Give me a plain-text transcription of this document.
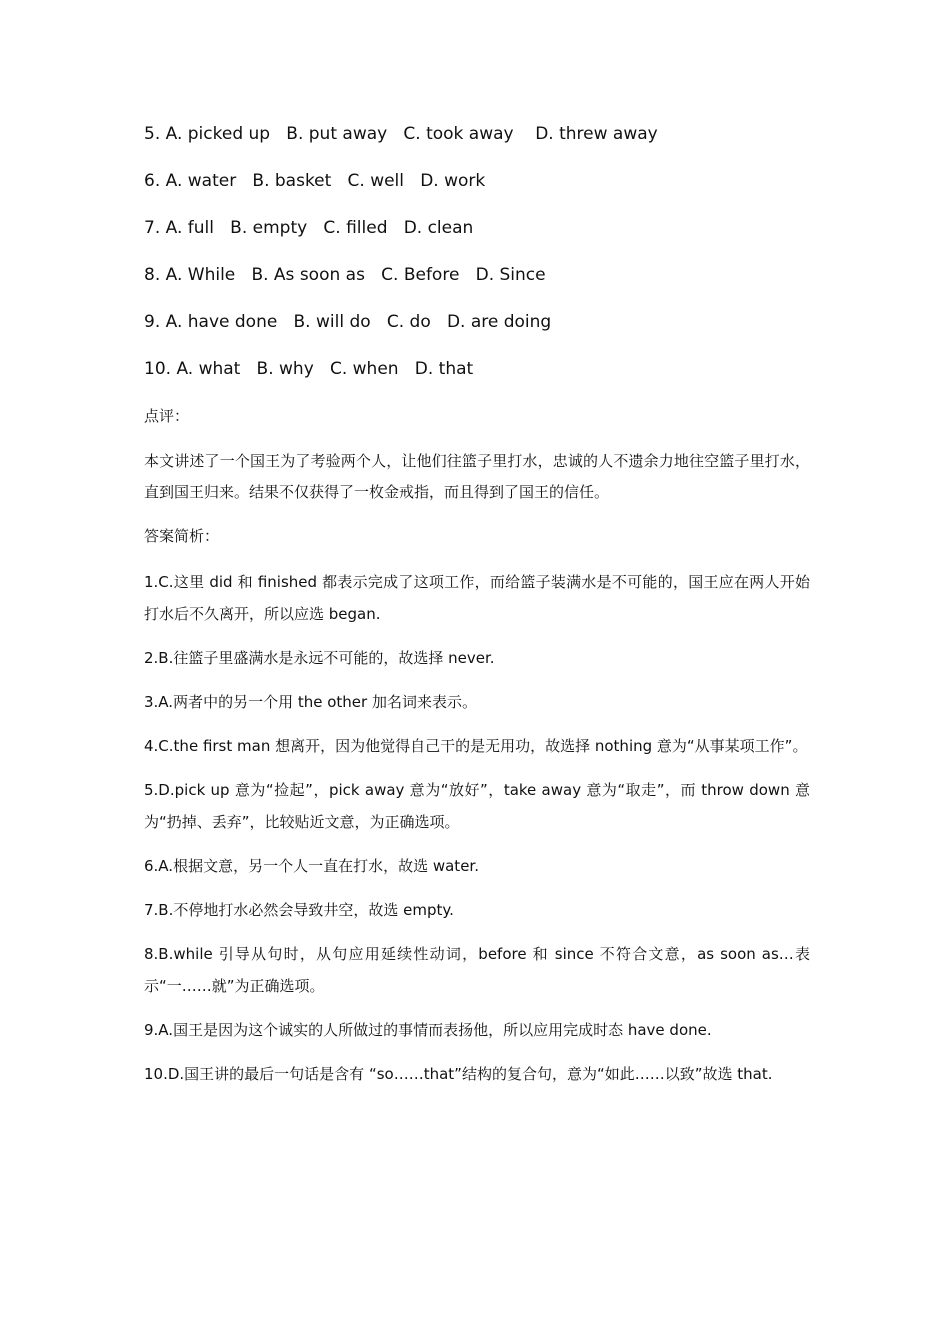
5. A. picked up   B. put away   C. took away    D. threw away
6. A. water   B. basket   C. well   D. work
7. A. full   B. empty   C. filled   D. clean
8. A. While   B. As soon as   C. Before   D. Since
9. A. have done   B. will do   C. do   D. are doing
10. A. what   B. why   C. when   D. that
点评：
本文讲述了一个国王为了考验两个人，让他们往篮子里打水，忠诚的人不遗余力地往空篮子里打水，直到国王归来。结果不仅获得了一枚金戒指，而且得到了国王的信任。
答案简析：
1.C.这里 did 和 finished 都表示完成了这项工作，而给篮子装满水是不可能的，国王应在两人开始打水后不久离开，所以应选 began.
2.B.往篮子里盛满水是永远不可能的，故选择 never.
3.A.两者中的另一个用 the other 加名词来表示。
4.C.the first man 想离开，因为他觉得自己干的是无用功，故选择 nothing 意为“从事某项工作”。
5.D.pick up 意为“捡起”，pick away 意为“放好”，take away 意为“取走”，而 throw down 意为“扔掉、丢弃”，比较贴近文意，为正确选项。
6.A.根据文意，另一个人一直在打水，故选 water.
7.B.不停地打水必然会导致井空，故选 empty.
8.B.while 引导从句时，从句应用延续性动词，before 和 since 不符合文意，as soon as…表示“一……就”为正确选项。
9.A.国王是因为这个诚实的人所做过的事情而表扬他，所以应用完成时态 have done.
10.D.国王讲的最后一句话是含有 “so……that”结构的复合句，意为“如此……以致”故选 that.
